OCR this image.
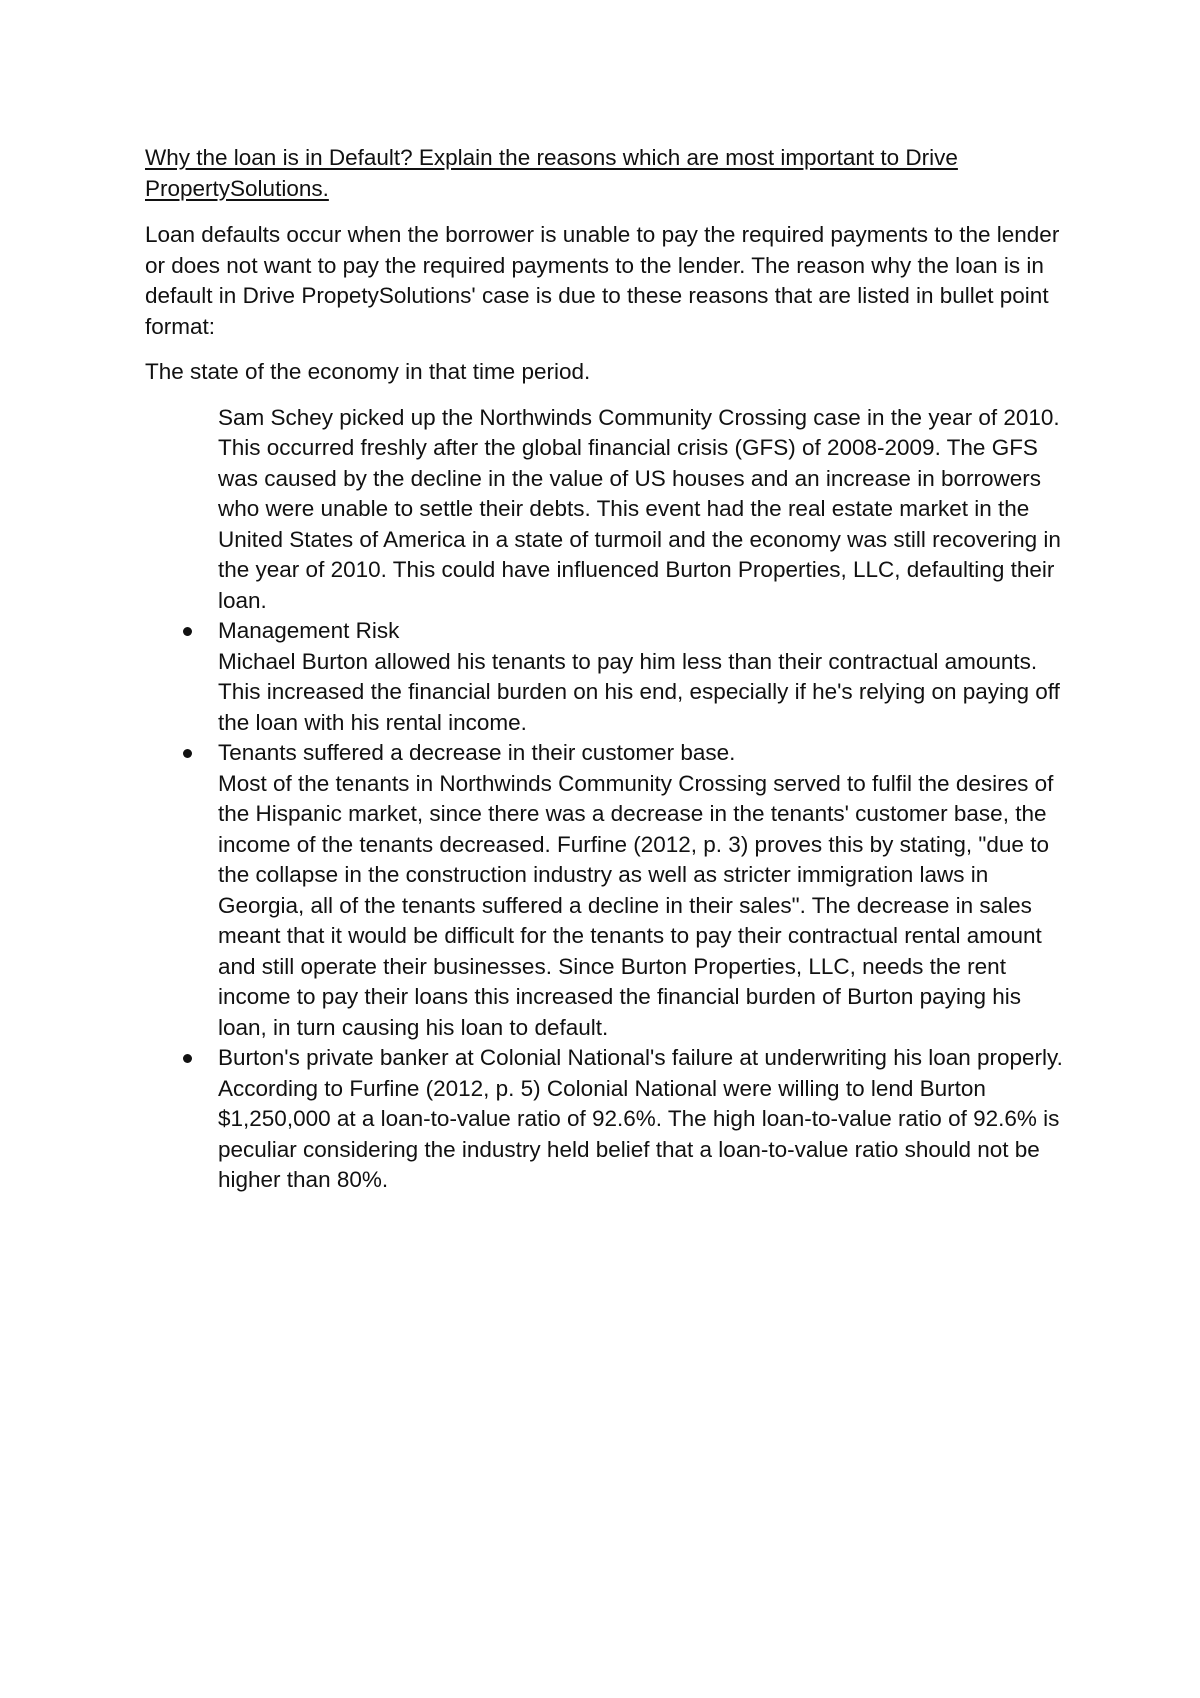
Why the loan is in Default? Explain the reasons which are most important to Drive
PropertySolutions.

Loan defaults occur when the borrower is unable to pay the required payments to the lender or does not want to pay the required payments to the lender. The reason why the loan is in default in Drive PropetySolutions' case is due to these reasons that are listed in bullet point format:

The state of the economy in that time period.

Sam Schey picked up the Northwinds Community Crossing case in the year of 2010. This occurred freshly after the global financial crisis (GFS) of 2008-2009. The GFS was caused by the decline in the value of US houses and an increase in borrowers who were unable to settle their debts. This event had the real estate market in the United States of America in a state of turmoil and the economy was still recovering in the year of 2010. This could have influenced Burton Properties, LLC, defaulting their loan.
Management Risk
Michael Burton allowed his tenants to pay him less than their contractual amounts. This increased the financial burden on his end, especially if he's relying on paying off the loan with his rental income.
Tenants suffered a decrease in their customer base.
Most of the tenants in Northwinds Community Crossing served to fulfil the desires of the Hispanic market, since there was a decrease in the tenants' customer base, the income of the tenants decreased. Furfine (2012, p. 3) proves this by stating, "due to the collapse in the construction industry as well as stricter immigration laws in Georgia, all of the tenants suffered a decline in their sales". The decrease in sales meant that it would be difficult for the tenants to pay their contractual rental amount and still operate their businesses. Since Burton Properties, LLC, needs the rent income to pay their loans this increased the financial burden of Burton paying his loan, in turn causing his loan to default.
Burton's private banker at Colonial National's failure at underwriting his loan properly.
According to Furfine (2012, p. 5) Colonial National were willing to lend Burton $1,250,000 at a loan-to-value ratio of 92.6%. The high loan-to-value ratio of 92.6% is peculiar considering the industry held belief that a loan-to-value ratio should not be higher than 80%.
